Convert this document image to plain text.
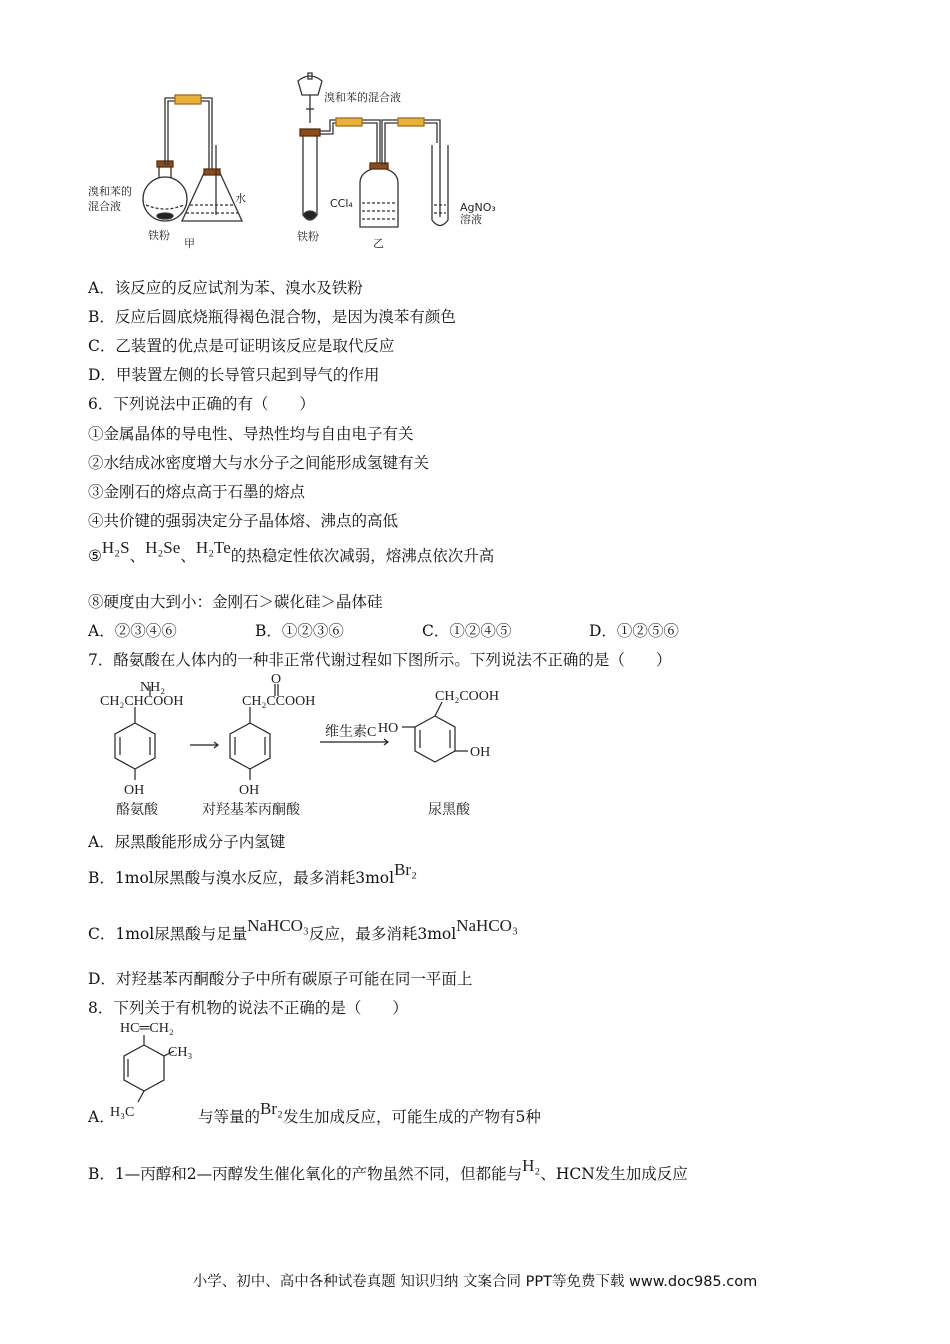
溴和苯的
混合液
水
铁粉
甲
溴和苯的混合液
CCl₄
铁粉
AgNO₃
溶液
乙
A．该反应的反应试剂为苯、溴水及铁粉
B．反应后圆底烧瓶得褐色混合物，是因为溴苯有颜色
C．乙装置的优点是可证明该反应是取代反应
D．甲装置左侧的长导管只起到导气的作用
6．下列说法中正确的有（　　）
①金属晶体的导电性、导热性均与自由电子有关
②水结成冰密度增大与水分子之间能形成氢键有关
③金刚石的熔点高于石墨的熔点
④共价键的强弱决定分子晶体熔、沸点的高低
⑤H₂S、H₂Se、H₂Te的热稳定性依次减弱，熔沸点依次升高
⑧硬度由大到小：金刚石＞碳化硅＞晶体硅
A．②③④⑥	B．①②③⑥	C．①②④⑤	D．①②⑤⑥
7．酪氨酸在人体内的一种非正常代谢过程如下图所示。下列说法不正确的是（　　）
NH₂
CH₂CHCOOH
OH
酪氨酸
O
CH₂CCOOH
OH
对羟基苯丙酮酸
维生素C
CH₂COOH
HO
OH
尿黑酸
A．尿黑酸能形成分子内氢键
B．1mol尿黑酸与溴水反应，最多消耗3molBr₂
C．1mol尿黑酸与足量NaHCO₃反应，最多消耗3molNaHCO₃
D．对羟基苯丙酮酸分子中所有碳原子可能在同一平面上
8．下列关于有机物的说法不正确的是（　　）
HC═CH₂
CH₃
H₃C
A．	与等量的Br₂发生加成反应，可能生成的产物有5种
B．1—丙醇和2—丙醇发生催化氧化的产物虽然不同，但都能与H₂、HCN发生加成反应
小学、初中、高中各种试卷真题 知识归纳 文案合同 PPT等免费下载 www.doc985.com
